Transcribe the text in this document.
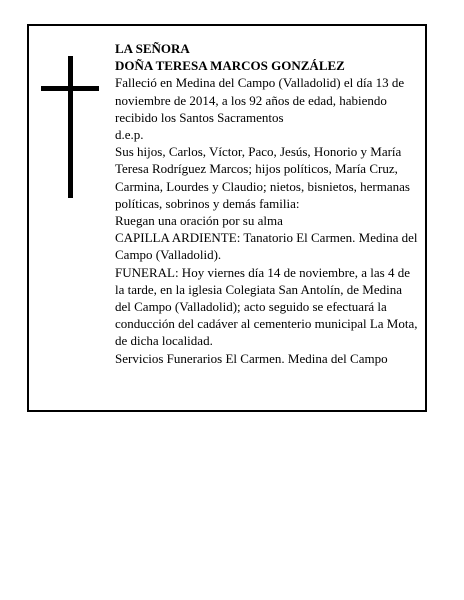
LA SEÑORA

DOÑA TERESA MARCOS GONZÁLEZ

Falleció en Medina del Campo (Valladolid) el día 13 de noviembre de 2014, a los 92 años de edad, habiendo recibido los Santos Sacramentos

d.e.p.

Sus hijos, Carlos, Víctor, Paco, Jesús, Honorio y María Teresa Rodríguez Marcos; hijos políticos, María Cruz, Carmina, Lourdes y Claudio; nietos, bisnietos, hermanas políticas, sobrinos y demás familia:

Ruegan una oración por su alma

CAPILLA ARDIENTE: Tanatorio El Carmen. Medina del Campo (Valladolid).

FUNERAL: Hoy viernes día 14 de noviembre, a las 4 de la tarde, en la iglesia Colegiata San Antolín, de Medina del Campo (Valladolid); acto seguido se efectuará la conducción del cadáver al cementerio municipal La Mota, de dicha localidad.

Servicios Funerarios El Carmen. Medina del Campo
